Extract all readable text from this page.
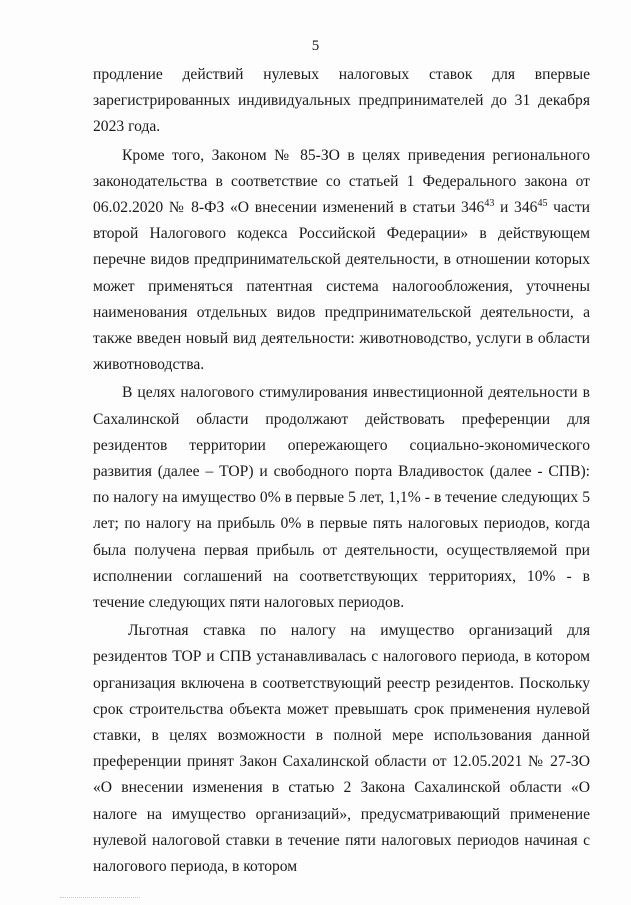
5

продление действий нулевых налоговых ставок для впервые зарегистрированных индивидуальных предпринимателей до 31 декабря 2023 года.

Кроме того, Законом № 85-ЗО в целях приведения регионального законодательства в соответствие со статьей 1 Федерального закона от 06.02.2020 № 8-ФЗ «О внесении изменений в статьи $346^{43}$ и $346^{45}$ части второй Налогового кодекса Российской Федерации» в действующем перечне видов предпринимательской деятельности, в отношении которых может применяться патентная система налогообложения, уточнены наименования отдельных видов предпринимательской деятельности, а также введен новый вид деятельности: животноводство, услуги в области животноводства.

В целях налогового стимулирования инвестиционной деятельности в Сахалинской области продолжают действовать преференции для резидентов территории опережающего социально-экономического развития (далее – ТОР) и свободного порта Владивосток (далее - СПВ): по налогу на имущество 0% в первые 5 лет, 1,1% - в течение следующих 5 лет; по налогу на прибыль 0% в первые пять налоговых периодов, когда была получена первая прибыль от деятельности, осуществляемой при исполнении соглашений на соответствующих территориях, 10% - в течение следующих пяти налоговых периодов.

Льготная ставка по налогу на имущество организаций для резидентов ТОР и СПВ устанавливалась с налогового периода, в котором организация включена в соответствующий реестр резидентов. Поскольку срок строительства объекта может превышать срок применения нулевой ставки, в целях возможности в полной мере использования данной преференции принят Закон Сахалинской области от 12.05.2021 № 27-ЗО «О внесении изменения в статью 2 Закона Сахалинской области «О налоге на имущество организаций», предусматривающий применение нулевой налоговой ставки в течение пяти налоговых периодов начиная с налогового периода, в котором
